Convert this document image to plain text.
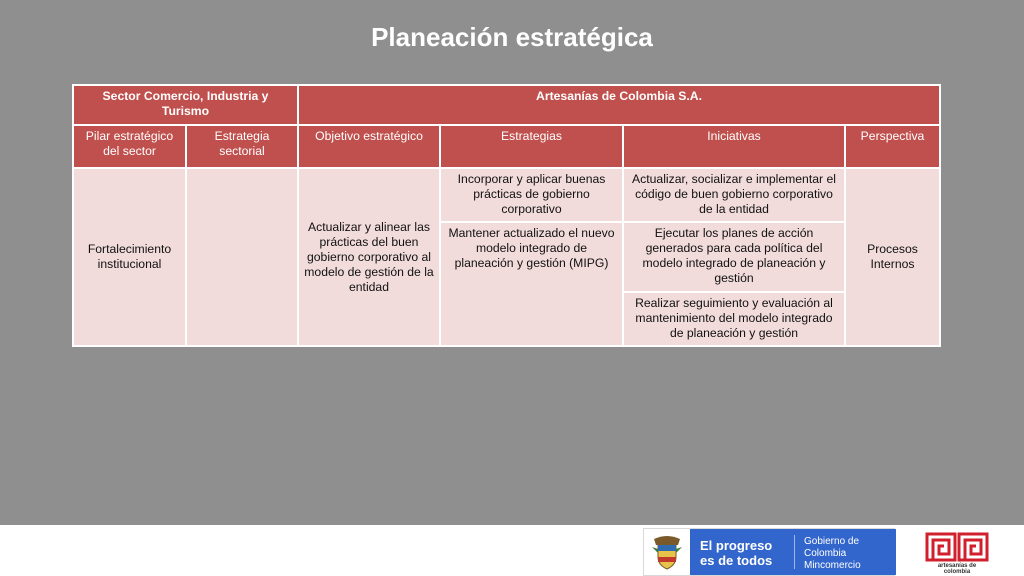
Planeación estratégica
Sector Comercio, Industria y Turismo		Artesanías de Colombia S.A.			
Pilar estratégico del sector	Estrategia sectorial	Objetivo estratégico	Estrategias	Iniciativas	Perspectiva
Fortalecimiento institucional		Actualizar y alinear las prácticas del buen gobierno corporativo al modelo de gestión de la entidad	Incorporar y aplicar buenas prácticas de gobierno corporativo	Actualizar, socializar e implementar el código de buen gobierno corporativo de la entidad	Procesos Internos
			Mantener actualizado el nuevo modelo integrado de planeación y gestión (MIPG)	Ejecutar los planes de acción generados para cada política del modelo integrado de planeación y gestión	
				Realizar seguimiento y evaluación al mantenimiento del modelo integrado de planeación y gestión	
El progreso es de todos
Gobierno de Colombia Mincomercio	artesanías de colombia
